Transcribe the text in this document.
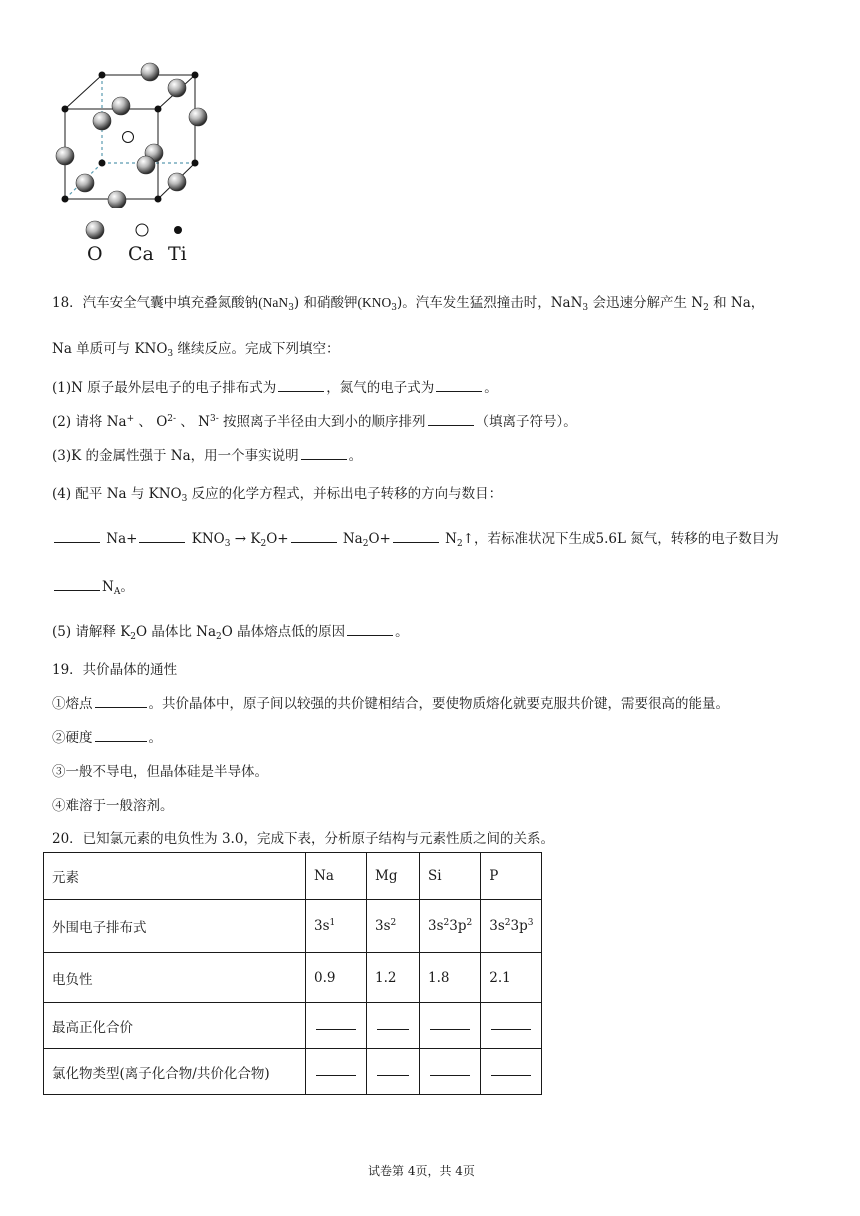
O Ca Ti
18．汽车安全气囊中填充叠氮酸钠(NaN$_3$) 和硝酸钾$(KNO_3)$。汽车发生猛烈撞击时，NaN$_3$ 会迅速分解产生 $N_2$ 和 Na，
Na 单质可与 $KNO_3$ 继续反应。完成下列填空：
(1)N 原子最外层电子的电子排布式为	，氮气的电子式为	。
(2) 请将 Na+ 、 $O^{2-}$ 、 $N^{3-}$ 按照离子半径由大到小的顺序排列	（填离子符号）。
(3)K 的金属性强于 Na，用一个事实说明	。
(4) 配平 Na 与 $KNO_3$ 反应的化学方程式，并标出电子转移的方向与数目：
Na+	$KNO_3 \to K_2O+$	$Na_2O+$	$N_2↑$，若标准状况下生成5.6L 氮气，转移的电子数目为
$N_A$。
(5) 请解释 $K_2O$ 晶体比 $Na_2O$ 晶体熔点低的原因	。
19．共价晶体的通性
①熔点	。共价晶体中，原子间以较强的共价键相结合，要使物质熔化就要克服共价键，需要很高的能量。
②硬度	。
③一般不导电，但晶体硅是半导体。
④难溶于一般溶剂。
20．已知氯元素的电负性为 3.0，完成下表，分析原子结构与元素性质之间的关系。
元素	Na	Mg	Si	P
外围电子排布式	$3s^1$	$3s^2$	$3s^23p^2$	$3s^23p^3$
电负性	0.9	1.2	1.8	2.1
最高正化合价				
氯化物类型(离子化合物/共价化合物)				
试卷第 4页，共 4页
